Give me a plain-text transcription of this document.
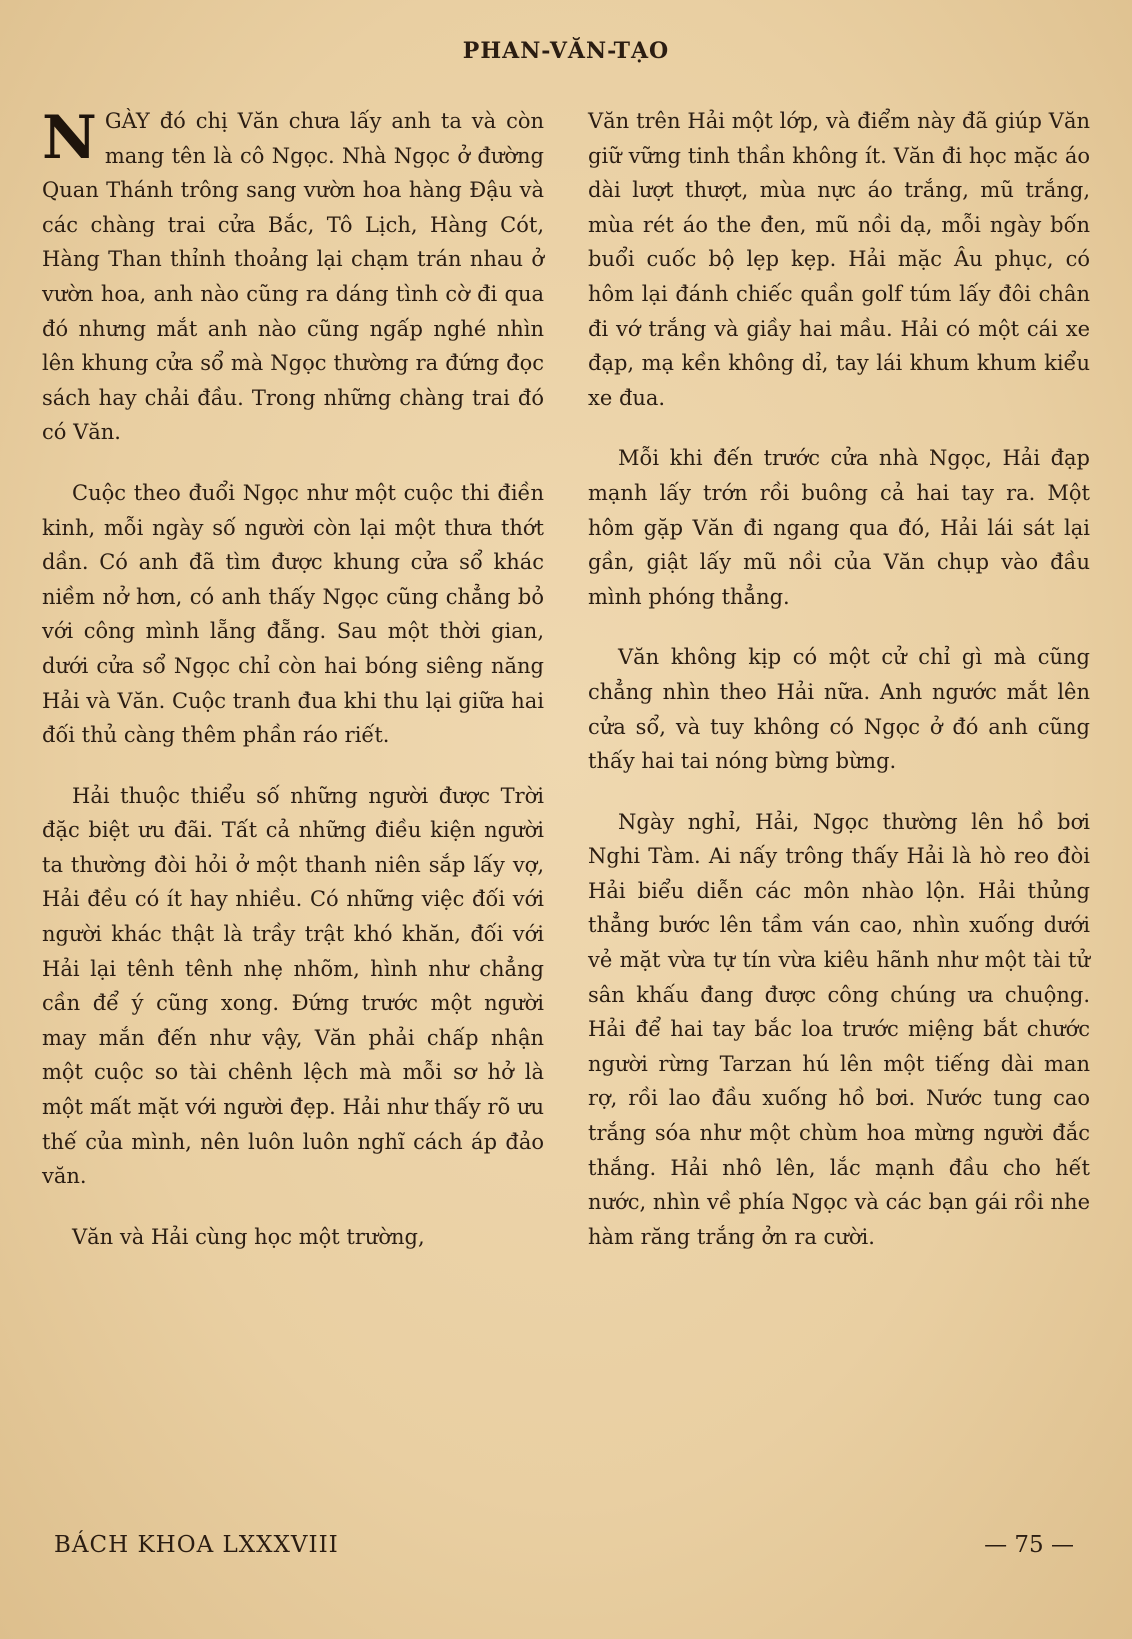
PHAN-VĂN-TẠO

NGÀY đó chị Văn chưa lấy anh ta và còn mang tên là cô Ngọc. Nhà Ngọc ở đường Quan Thánh trông sang vườn hoa hàng Đậu và các chàng trai cửa Bắc, Tô Lịch, Hàng Cót, Hàng Than thỉnh thoảng lại chạm trán nhau ở vườn hoa, anh nào cũng ra dáng tình cờ đi qua đó nhưng mắt anh nào cũng ngấp nghé nhìn lên khung cửa sổ mà Ngọc thường ra đứng đọc sách hay chải đầu. Trong những chàng trai đó có Văn.

Cuộc theo đuổi Ngọc như một cuộc thi điền kinh, mỗi ngày số người còn lại một thưa thớt dần. Có anh đã tìm được khung cửa sổ khác niềm nở hơn, có anh thấy Ngọc cũng chẳng bỏ với công mình lẵng đẵng. Sau một thời gian, dưới cửa sổ Ngọc chỉ còn hai bóng siêng năng Hải và Văn. Cuộc tranh đua khi thu lại giữa hai đối thủ càng thêm phần ráo riết.

Hải thuộc thiểu số những người được Trời đặc biệt ưu đãi. Tất cả những điều kiện người ta thường đòi hỏi ở một thanh niên sắp lấy vợ, Hải đều có ít hay nhiều. Có những việc đối với người khác thật là trầy trật khó khăn, đối với Hải lại tênh tênh nhẹ nhõm, hình như chẳng cần để ý cũng xong. Đứng trước một người may mắn đến như vậy, Văn phải chấp nhận một cuộc so tài chênh lệch mà mỗi sơ hở là một mất mặt với người đẹp. Hải như thấy rõ ưu thế của mình, nên luôn luôn nghĩ cách áp đảo văn.

Văn và Hải cùng học một trường,

Văn trên Hải một lớp, và điểm này đã giúp Văn giữ vững tinh thần không ít. Văn đi học mặc áo dài lượt thượt, mùa nực áo trắng, mũ trắng, mùa rét áo the đen, mũ nồi dạ, mỗi ngày bốn buổi cuốc bộ lẹp kẹp. Hải mặc Âu phục, có hôm lại đánh chiếc quần golf túm lấy đôi chân đi vớ trắng và giầy hai mầu. Hải có một cái xe đạp, mạ kền không dỉ, tay lái khum khum kiểu xe đua.

Mỗi khi đến trước cửa nhà Ngọc, Hải đạp mạnh lấy trớn rồi buông cả hai tay ra. Một hôm gặp Văn đi ngang qua đó, Hải lái sát lại gần, giật lấy mũ nồi của Văn chụp vào đầu mình phóng thẳng.

Văn không kịp có một cử chỉ gì mà cũng chẳng nhìn theo Hải nữa. Anh ngước mắt lên cửa sổ, và tuy không có Ngọc ở đó anh cũng thấy hai tai nóng bừng bừng.

Ngày nghỉ, Hải, Ngọc thường lên hồ bơi Nghi Tàm. Ai nấy trông thấy Hải là hò reo đòi Hải biểu diễn các môn nhào lộn. Hải thủng thẳng bước lên tầm ván cao, nhìn xuống dưới vẻ mặt vừa tự tín vừa kiêu hãnh như một tài tử sân khấu đang được công chúng ưa chuộng. Hải để hai tay bắc loa trước miệng bắt chước người rừng Tarzan hú lên một tiếng dài man rợ, rồi lao đầu xuống hồ bơi. Nước tung cao trắng sóa như một chùm hoa mừng người đắc thắng. Hải nhô lên, lắc mạnh đầu cho hết nước, nhìn về phía Ngọc và các bạn gái rồi nhe hàm răng trắng ởn ra cười.

BÁCH KHOA LXXXVIII	— 75 —
